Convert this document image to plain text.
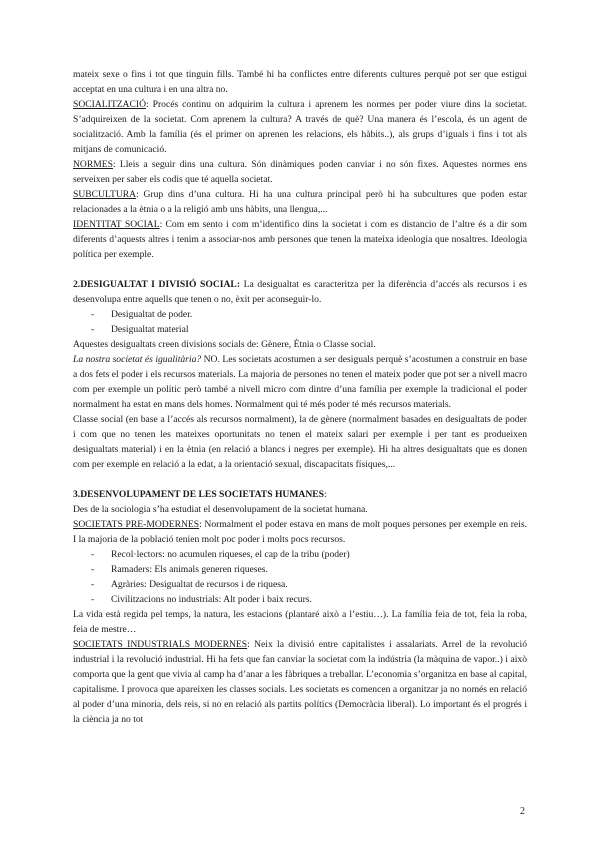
mateix sexe o fins i tot que tinguin fills. També hi ha conflictes entre diferents cultures perquè pot ser que estigui acceptat en una cultura i en una altra no.

SOCIALITZACIÓ: Procés continu on adquirim la cultura i aprenem les normes per poder viure dins la societat. S’adquireixen de la societat. Com aprenem la cultura? A través de què? Una manera és l’escola, és un agent de socialització. Amb la família (és el primer on aprenen les relacions, els hàbits..), als grups d’iguals i fins i tot als mitjans de comunicació.

NORMES: Lleis a seguir dins una cultura. Són dinàmiques poden canviar i no són fixes. Aquestes normes ens serveixen per saber els codis que té aquella societat.

SUBCULTURA: Grup dins d’una cultura. Hi ha una cultura principal però hi ha subcultures que poden estar relacionades a la ètnia o a la religió amb uns hàbits, una llengua,...

IDENTITAT SOCIAL: Com em sento i com m’identifico dins la societat i com es distancio de l’altre és a dir som diferents d’aquests altres i tenim a associar-nos amb persones que tenen la mateixa ideologia que nosaltres. Ideologia política per exemple.

2.DESIGUALTAT I DIVISIÓ SOCIAL: La desigualtat es caracteritza per la diferència d’accés als recursos i es desenvolupa entre aquells que tenen o no, èxit per aconseguir-lo.

- Desigualtat de poder.
- Desigualtat material

Aquestes desigualtats creen divisions socials de: Gènere, Ètnia o Classe social.

La nostra societat és igualitària? NO. Les societats acostumen a ser desiguals perquè s’acostumen a construir en base a dos fets el poder i els recursos materials. La majoria de persones no tenen el mateix poder que pot ser a nivell macro com per exemple un polític però també a nivell micro com dintre d’una família per exemple la tradicional el poder normalment ha estat en mans dels homes. Normalment qui té més poder té més recursos materials.

Classe social (en base a l’accés als recursos normalment), la de gènere (normalment basades en desigualtats de poder i com que no tenen les mateixes oportunitats no tenen el mateix salari per exemple i per tant es produeixen desigualtats material) i en la ètnia (en relació a blancs i negres per exemple). Hi ha altres desigualtats que es donen com per exemple en relació a la edat, a la orientació sexual, discapacitats físiques,...

3.DESENVOLUPAMENT DE LES SOCIETATS HUMANES:

Des de la sociologia s’ha estudiat el desenvolupament de la societat humana.

SOCIETATS PRE-MODERNES: Normalment el poder estava en mans de molt poques persones per exemple en reis. I la majoria de la població tenien molt poc poder i molts pocs recursos.

- Recol·lectors: no acumulen riqueses, el cap de la tribu (poder)
- Ramaders: Els animals generen riqueses.
- Agràries: Desigualtat de recursos i de riquesa.
- Civilitzacions no industrials: Alt poder i baix recurs.

La vida està regida pel temps, la natura, les estacions (plantaré això a l’estiu…). La família feia de tot, feia la roba, feia de mestre…

SOCIETATS INDUSTRIALS MODERNES: Neix la divisió entre capitalistes i assalariats. Arrel de la revolució industrial i la revolució industrial. Hi ha fets que fan canviar la societat com la indústria (la màquina de vapor..) i això comporta que la gent que vivia al camp ha d’anar a les fàbriques a treballar. L’economia s’organitza en base al capital, capitalisme. I provoca que apareixen les classes socials. Les societats es comencen a organitzar ja no només en relació al poder d’una minoria, dels reis, si no en relació als partits polítics (Democràcia liberal). Lo important és el progrés i la ciència ja no tot

2
